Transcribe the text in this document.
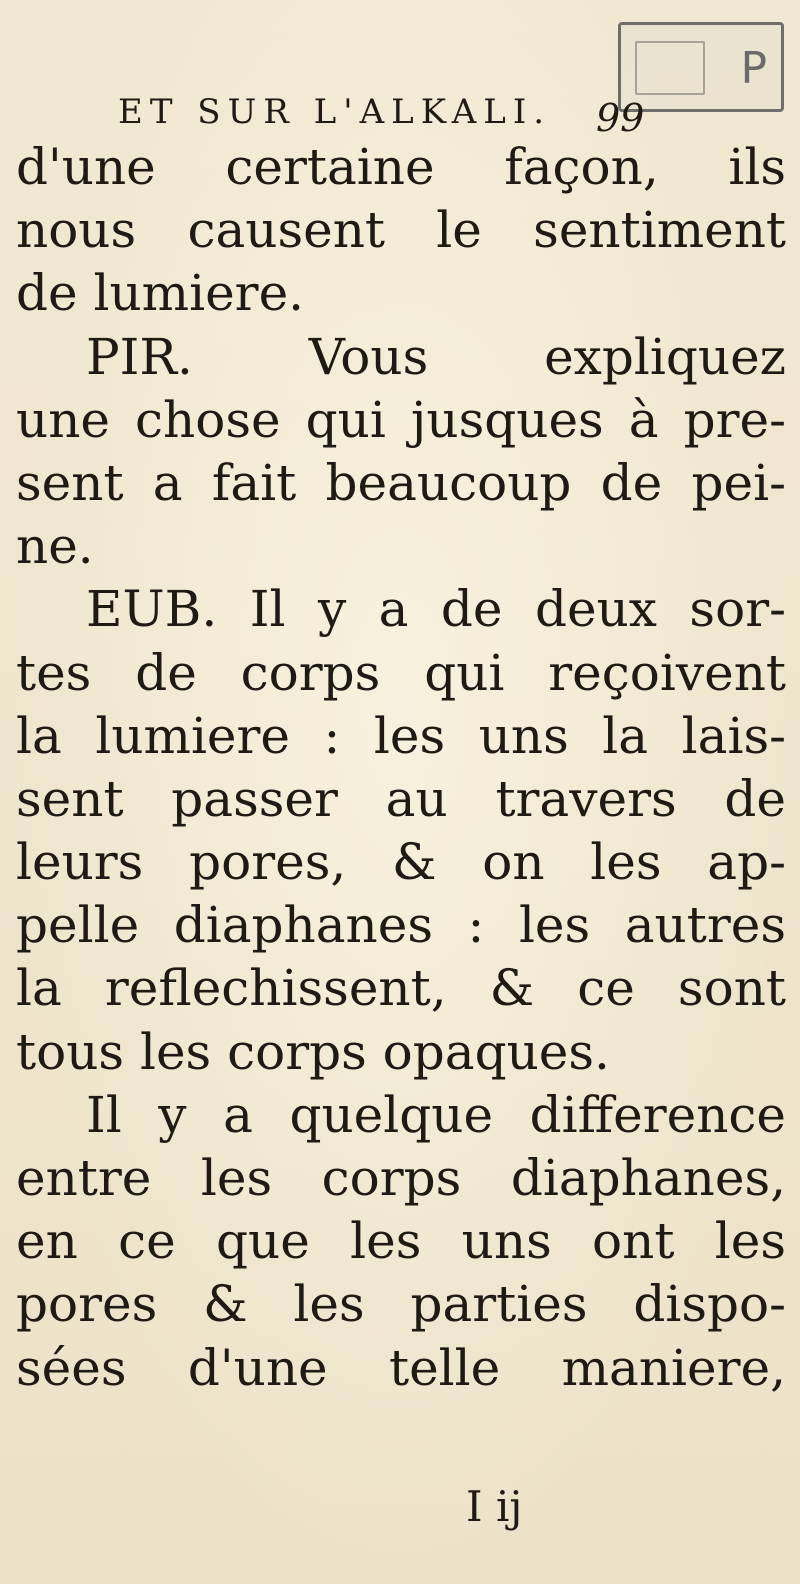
P
ET SUR L'ALKALI. 99
d'une certaine façon, ils
nous causent le sentiment
de lumiere.
PIR. Vous expliquez
une chose qui jusques à pre-
sent a fait beaucoup de pei-
ne.
EUB. Il y a de deux sor-
tes de corps qui reçoivent
la lumiere : les uns la lais-
sent passer au travers de
leurs pores, & on les ap-
pelle diaphanes : les autres
la reflechissent, & ce sont
tous les corps opaques.
Il y a quelque difference
entre les corps diaphanes,
en ce que les uns ont les
pores & les parties dispo-
sées d'une telle maniere,
I ij
